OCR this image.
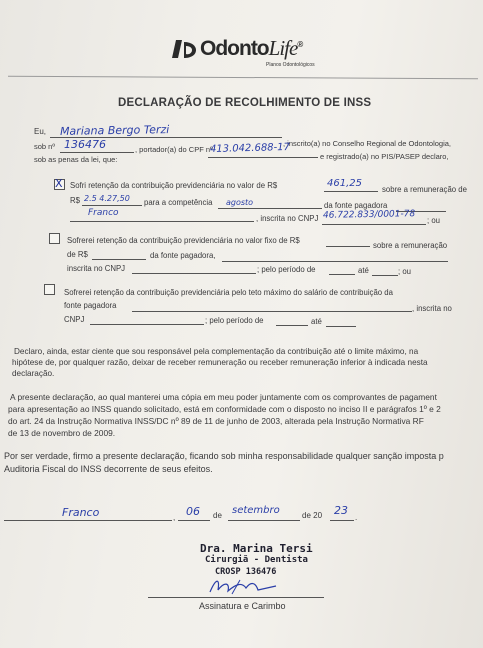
OdontoLife®
Planos Odontológicos
DECLARAÇÃO DE RECOLHIMENTO DE INSS
Eu, Mariana Bergo Terzi
, inscrito(a) no Conselho Regional de Odontologia,
sob nº 136476	, portador(a) do CPF nº
413.042.688-17
e registrado(a) no PIS/PASEP declaro,
sob as penas da lei, que:
X Sofri retenção da contribuição previdenciária no valor de R$	461,25
sobre a remuneração de
R$ 2.5 4.27,50 para a competência agosto	da fonte pagadora
Franco
, inscrita no CNPJ 46.722.833/0001-78 ; ou
Sofrerei retenção da contribuição previdenciária no valor fixo de R$
sobre a remuneração
de R$	da fonte pagadora,
inscrita no CNPJ	; pelo período de	até	; ou
Sofrerei retenção da contribuição previdenciária pelo teto máximo do salário de contribuição da
fonte pagadora	, inscrita no
CNPJ	; pelo período de	até
Declaro, ainda, estar ciente que sou responsável pela complementação da contribuição até o limite máximo, na
hipótese de, por qualquer razão, deixar de receber remuneração ou receber remuneração inferior à indicada nesta
declaração.
A presente declaração, ao qual manterei uma cópia em meu poder juntamente com os comprovantes de pagament
para apresentação ao INSS quando solicitado, está em conformidade com o disposto no inciso II e parágrafos 1º e 2
do art. 24 da Instrução Normativa INSS/DC nº 89 de 11 de junho de 2003, alterada pela Instrução Normativa RF
de 13 de novembro de 2009.
Por ser verdade, firmo a presente declaração, ficando sob minha responsabilidade qualquer sanção imposta p
Auditoria Fiscal do INSS decorrente de seus efeitos.
Franco	, 06 de setembro	de 20 23
.
Dra. Marina Tersi
Cirurgiã - Dentista
CROSP 136476
Assinatura e Carimbo
